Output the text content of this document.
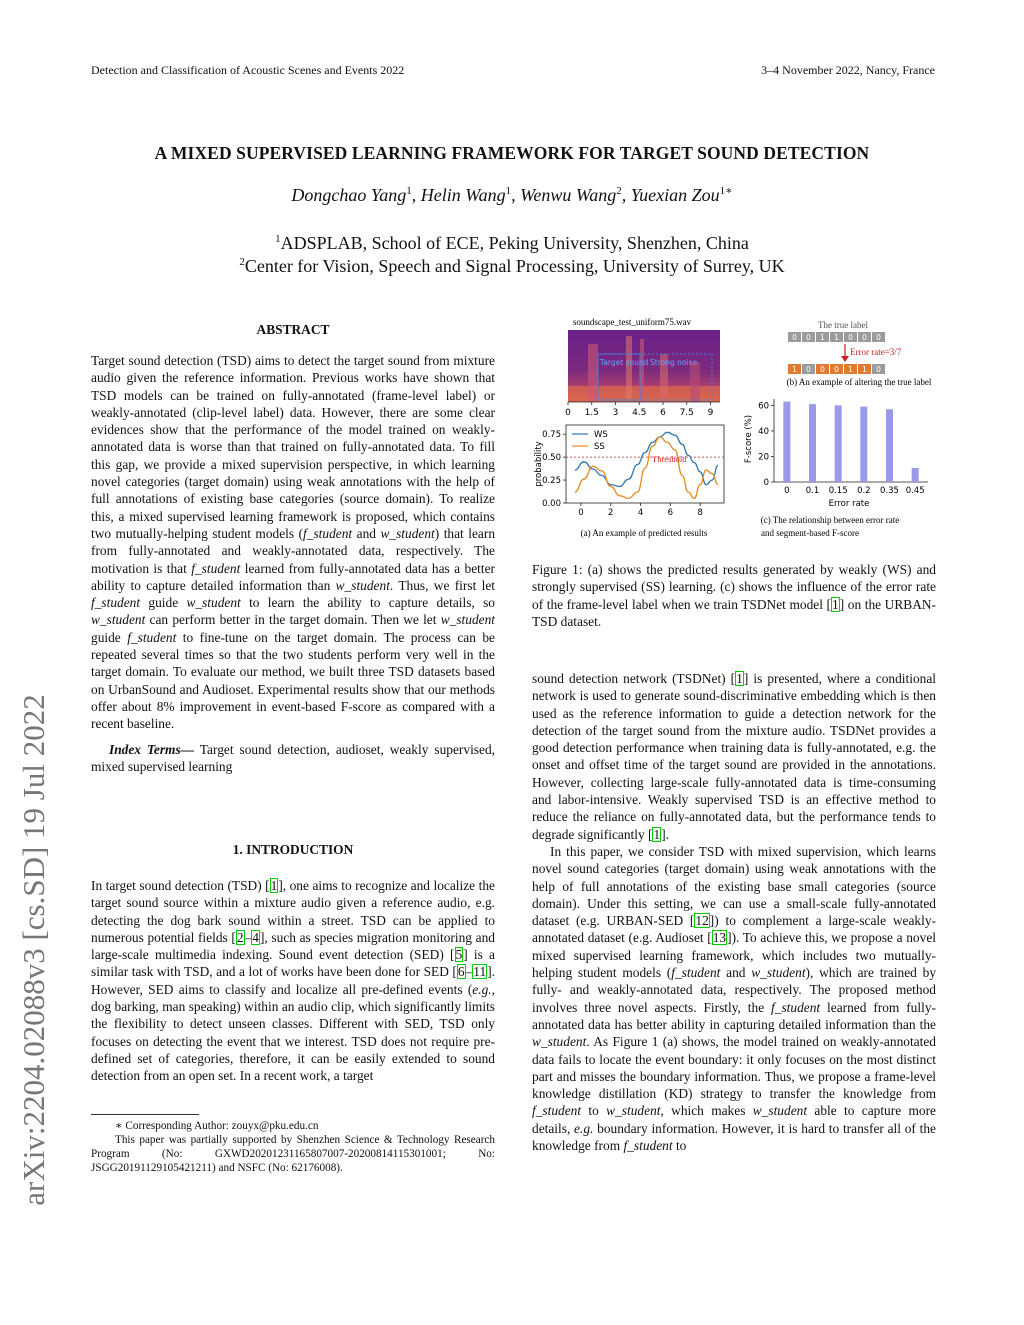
Detection and Classification of Acoustic Scenes and Events 2022	3–4 November 2022, Nancy, France
A MIXED SUPERVISED LEARNING FRAMEWORK FOR TARGET SOUND DETECTION
Dongchao Yang$^1$, Helin Wang$^1$, Wenwu Wang$^2$, Yuexian Zou$^{1∗}$
$^1$ADSPLAB, School of ECE, Peking University, Shenzhen, China
$^2$Center for Vision, Speech and Signal Processing, University of Surrey, UK
arXiv:2204.02088v3 [cs.SD] 19 Jul 2022
ABSTRACT

Target sound detection (TSD) aims to detect the target sound from mixture audio given the reference information. Previous works have shown that TSD models can be trained on fully-annotated (frame-level label) or weakly-annotated (clip-level label) data. However, there are some clear evidences show that the performance of the model trained on weakly-annotated data is worse than that trained on fully-annotated data. To fill this gap, we provide a mixed supervision perspective, in which learning novel categories (target domain) using weak annotations with the help of full annotations of existing base categories (source domain). To realize this, a mixed supervised learning framework is proposed, which contains two mutually-helping student models (f_student and w_student) that learn from fully-annotated and weakly-annotated data, respectively. The motivation is that f_student learned from fully-annotated data has a better ability to capture detailed information than w_student. Thus, we first let f_student guide w_student to learn the ability to capture details, so w_student can perform better in the target domain. Then we let w_student guide f_student to fine-tune on the target domain. The process can be repeated several times so that the two students perform very well in the target domain. To evaluate our method, we built three TSD datasets based on UrbanSound and Audioset. Experimental results show that our methods offer about 8% improvement in event-based F-score as compared with a recent baseline.

Index Terms— Target sound detection, audioset, weakly supervised, mixed supervised learning

1. INTRODUCTION

In target sound detection (TSD) [1], one aims to recognize and localize the target sound source within a mixture audio given a reference audio, e.g. detecting the dog bark sound within a street. TSD can be applied to numerous potential fields [2–4], such as species migration monitoring and large-scale multimedia indexing. Sound event detection (SED) [5] is a similar task with TSD, and a lot of works have been done for SED [6–11]. However, SED aims to classify and localize all pre-defined events (e.g., dog barking, man speaking) within an audio clip, which significantly limits the flexibility to detect unseen classes. Different with SED, TSD only focuses on detecting the event that we interest. TSD does not require pre-defined set of categories, therefore, it can be easily extended to sound detection from an open set. In a recent work, a target

∗ Corresponding Author: zouyx@pku.edu.cn

This paper was partially supported by Shenzhen Science & Technology Research Program (No: GXWD20201231165807007-20200814115301001; No: JSGG20191129105421211) and NSFC (No: 62176008).

soundscape_test_uniform75.wav
Target sound Strong noise
0 1.5 3 4.5 6 7.5 9
probability
0.75
0.50
0.25
0.00
0	2	4	6	8
WS
SS
Threshold
(a) An example of predicted results
The true label
0 0 1 1 0 0 0
Error rate=3/7
1 0 0 0 1 1 0
(b) An example of altering the true label
F-score (%)
60
40
20
0
0 0.1 0.15 0.2 0.35 0.45
Error rate
(c) The relationship between error rate
and segment-based F-score
Figure 1: (a) shows the predicted results generated by weakly (WS) and strongly supervised (SS) learning. (c) shows the influence of the error rate of the frame-level label when we train TSDNet model [1] on the URBAN-TSD dataset.

sound detection network (TSDNet) [1] is presented, where a conditional network is used to generate sound-discriminative embedding which is then used as the reference information to guide a detection network for the detection of the target sound from the mixture audio. TSDNet provides a good detection performance when training data is fully-annotated, e.g. the onset and offset time of the target sound are provided in the annotations. However, collecting large-scale fully-annotated data is time-consuming and labor-intensive. Weakly supervised TSD is an effective method to reduce the reliance on fully-annotated data, but the performance tends to degrade significantly [1].

In this paper, we consider TSD with mixed supervision, which learns novel sound categories (target domain) using weak annotations with the help of full annotations of the existing base small categories (source domain). Under this setting, we can use a small-scale fully-annotated dataset (e.g. URBAN-SED [12]) to complement a large-scale weakly-annotated dataset (e.g. Audioset [13]). To achieve this, we propose a novel mixed supervised learning framework, which includes two mutually-helping student models (f_student and w_student), which are trained by fully- and weakly-annotated data, respectively. The proposed method involves three novel aspects. Firstly, the f_student learned from fully-annotated data has better ability in capturing detailed information than the w_student. As Figure 1 (a) shows, the model trained on weakly-annotated data fails to locate the event boundary: it only focuses on the most distinct part and misses the boundary information. Thus, we propose a frame-level knowledge distillation (KD) strategy to transfer the knowledge from f_student to w_student, which makes w_student able to capture more details, e.g. boundary information. However, it is hard to transfer all of the knowledge from f_student to
